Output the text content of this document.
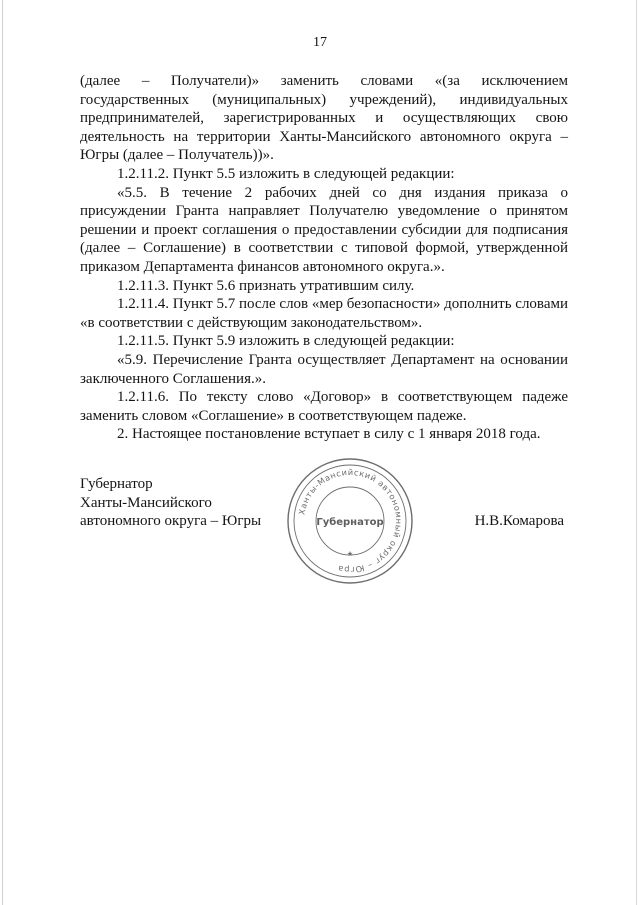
17

(далее – Получатели)» заменить словами «(за исключением государственных (муниципальных) учреждений), индивидуальных предпринимателей, зарегистрированных и осуществляющих свою деятельность на территории Ханты-Мансийского автономного округа – Югры (далее – Получатель))».

1.2.11.2. Пункт 5.5 изложить в следующей редакции:

«5.5. В течение 2 рабочих дней со дня издания приказа о присуждении Гранта направляет Получателю уведомление о принятом решении и проект соглашения о предоставлении субсидии для подписания (далее – Соглашение) в соответствии с типовой формой, утвержденной приказом Департамента финансов автономного округа.».

1.2.11.3. Пункт 5.6 признать утратившим силу.

1.2.11.4. Пункт 5.7 после слов «мер безопасности» дополнить словами «в соответствии с действующим законодательством».

1.2.11.5. Пункт 5.9 изложить в следующей редакции:

«5.9. Перечисление Гранта осуществляет Департамент на основании заключенного Соглашения.».

1.2.11.6. По тексту слово «Договор» в соответствующем падеже заменить словом «Соглашение» в соответствующем падеже.

2. Настоящее постановление вступает в силу с 1 января 2018 года.

Губернатор
Ханты-Мансийского
автономного округа – Югры
Ханты-Мансийский автономный округ – Югра
Губернатор
★
Н.В.Комарова
